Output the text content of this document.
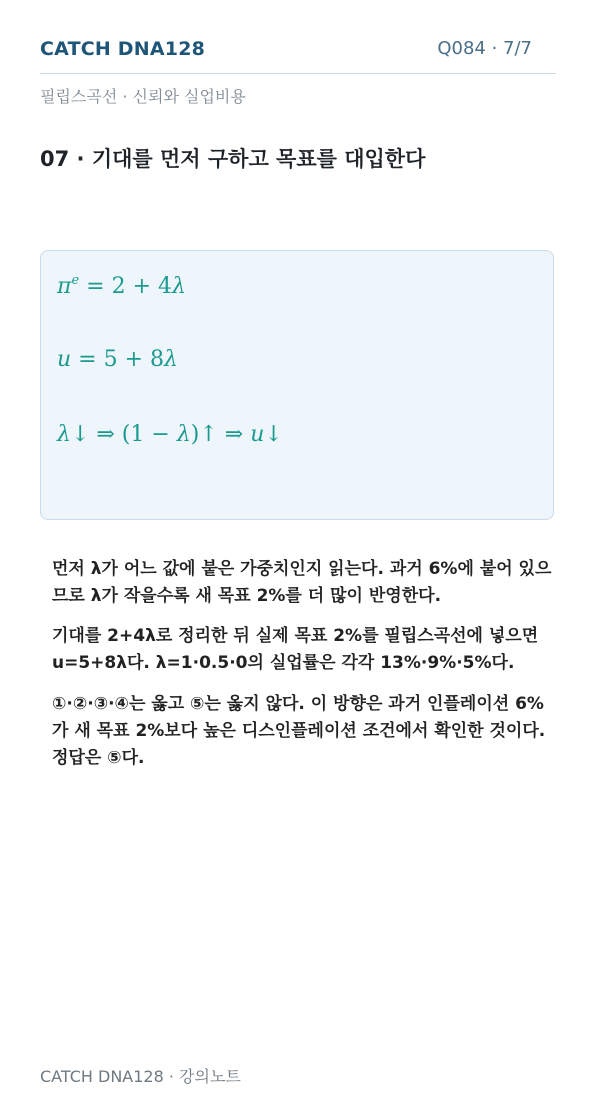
CATCH DNA128	Q084 · 7/7
필립스곡선 · 신뢰와 실업비용
07 · 기대를 먼저 구하고 목표를 대입한다
$\pi^e = 2 + 4\lambda$
u = 5 + 8λ
λ↓ ⇒ (1 − λ)↑ ⇒ u↓

먼저 λ가 어느 값에 붙은 가중치인지 읽는다. 과거 6%에 붙어 있으므로 λ가 작을수록 새 목표 2%를 더 많이 반영한다.

기대를 2+4λ로 정리한 뒤 실제 목표 2%를 필립스곡선에 넣으면 u=5+8λ다. λ=1·0.5·0의 실업률은 각각 13%·9%·5%다.

①·②·③·④는 옳고 ⑤는 옳지 않다. 이 방향은 과거 인플레이션 6%가 새 목표 2%보다 높은 디스인플레이션 조건에서 확인한 것이다. 정답은 ⑤다.

CATCH DNA128 · 강의노트
